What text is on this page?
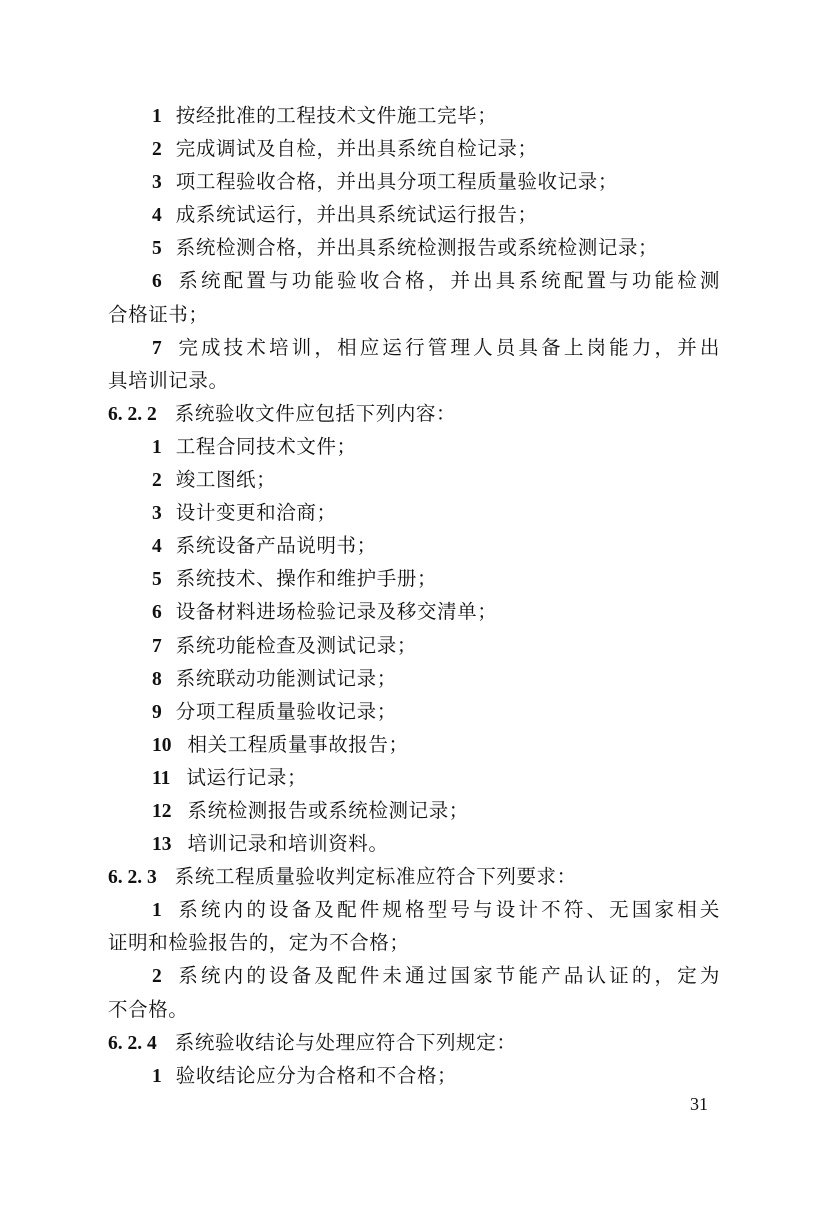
1 按经批准的工程技术文件施工完毕；
2 完成调试及自检，并出具系统自检记录；
3 项工程验收合格，并出具分项工程质量验收记录；
4 成系统试运行，并出具系统试运行报告；
5 系统检测合格，并出具系统检测报告或系统检测记录；
6 系统配置与功能验收合格，并出具系统配置与功能检测
合格证书；
7 完成技术培训，相应运行管理人员具备上岗能力，并出
具培训记录。
6. 2. 2 系统验收文件应包括下列内容：
1 工程合同技术文件；
2 竣工图纸；
3 设计变更和洽商；
4 系统设备产品说明书；
5 系统技术、操作和维护手册；
6 设备材料进场检验记录及移交清单；
7 系统功能检查及测试记录；
8 系统联动功能测试记录；
9 分项工程质量验收记录；
10 相关工程质量事故报告；
11 试运行记录；
12 系统检测报告或系统检测记录；
13 培训记录和培训资料。
6. 2. 3 系统工程质量验收判定标准应符合下列要求：
1 系统内的设备及配件规格型号与设计不符、无国家相关
证明和检验报告的，定为不合格；
2 系统内的设备及配件未通过国家节能产品认证的，定为
不合格。
6. 2. 4 系统验收结论与处理应符合下列规定：
1 验收结论应分为合格和不合格；
31
